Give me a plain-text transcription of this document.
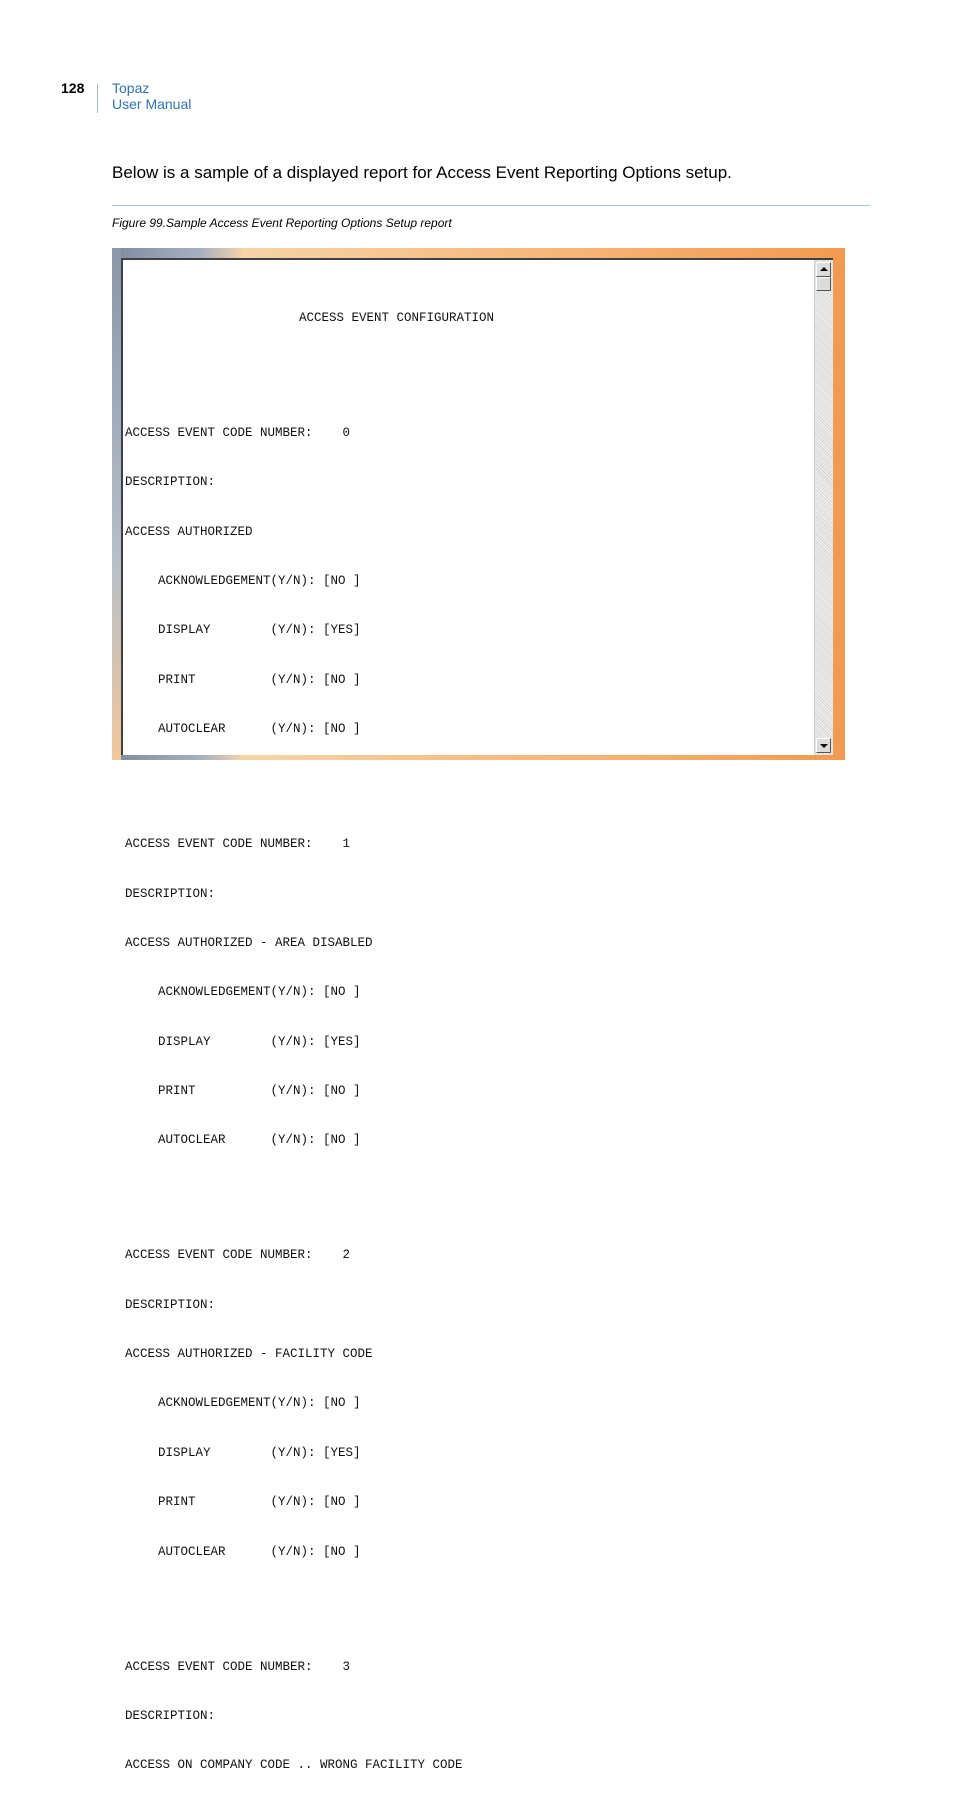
128 Topaz
User Manual
Below is a sample of a displayed report for Access Event Reporting Options setup.
Figure 99.Sample Access Event Reporting Options Setup report

ACCESS EVENT CONFIGURATION

ACCESS EVENT CODE NUMBER:    0

DESCRIPTION:

ACCESS AUTHORIZED

ACKNOWLEDGEMENT(Y/N): [NO ]

DISPLAY        (Y/N): [YES]

PRINT          (Y/N): [NO ]

AUTOCLEAR      (Y/N): [NO ]

ACCESS EVENT CODE NUMBER:    1

DESCRIPTION:

ACCESS AUTHORIZED - AREA DISABLED

ACKNOWLEDGEMENT(Y/N): [NO ]

DISPLAY        (Y/N): [YES]

PRINT          (Y/N): [NO ]

AUTOCLEAR      (Y/N): [NO ]

ACCESS EVENT CODE NUMBER:    2

DESCRIPTION:

ACCESS AUTHORIZED - FACILITY CODE

ACKNOWLEDGEMENT(Y/N): [NO ]

DISPLAY        (Y/N): [YES]

PRINT          (Y/N): [NO ]

AUTOCLEAR      (Y/N): [NO ]

ACCESS EVENT CODE NUMBER:    3

DESCRIPTION:

ACCESS ON COMPANY CODE .. WRONG FACILITY CODE
